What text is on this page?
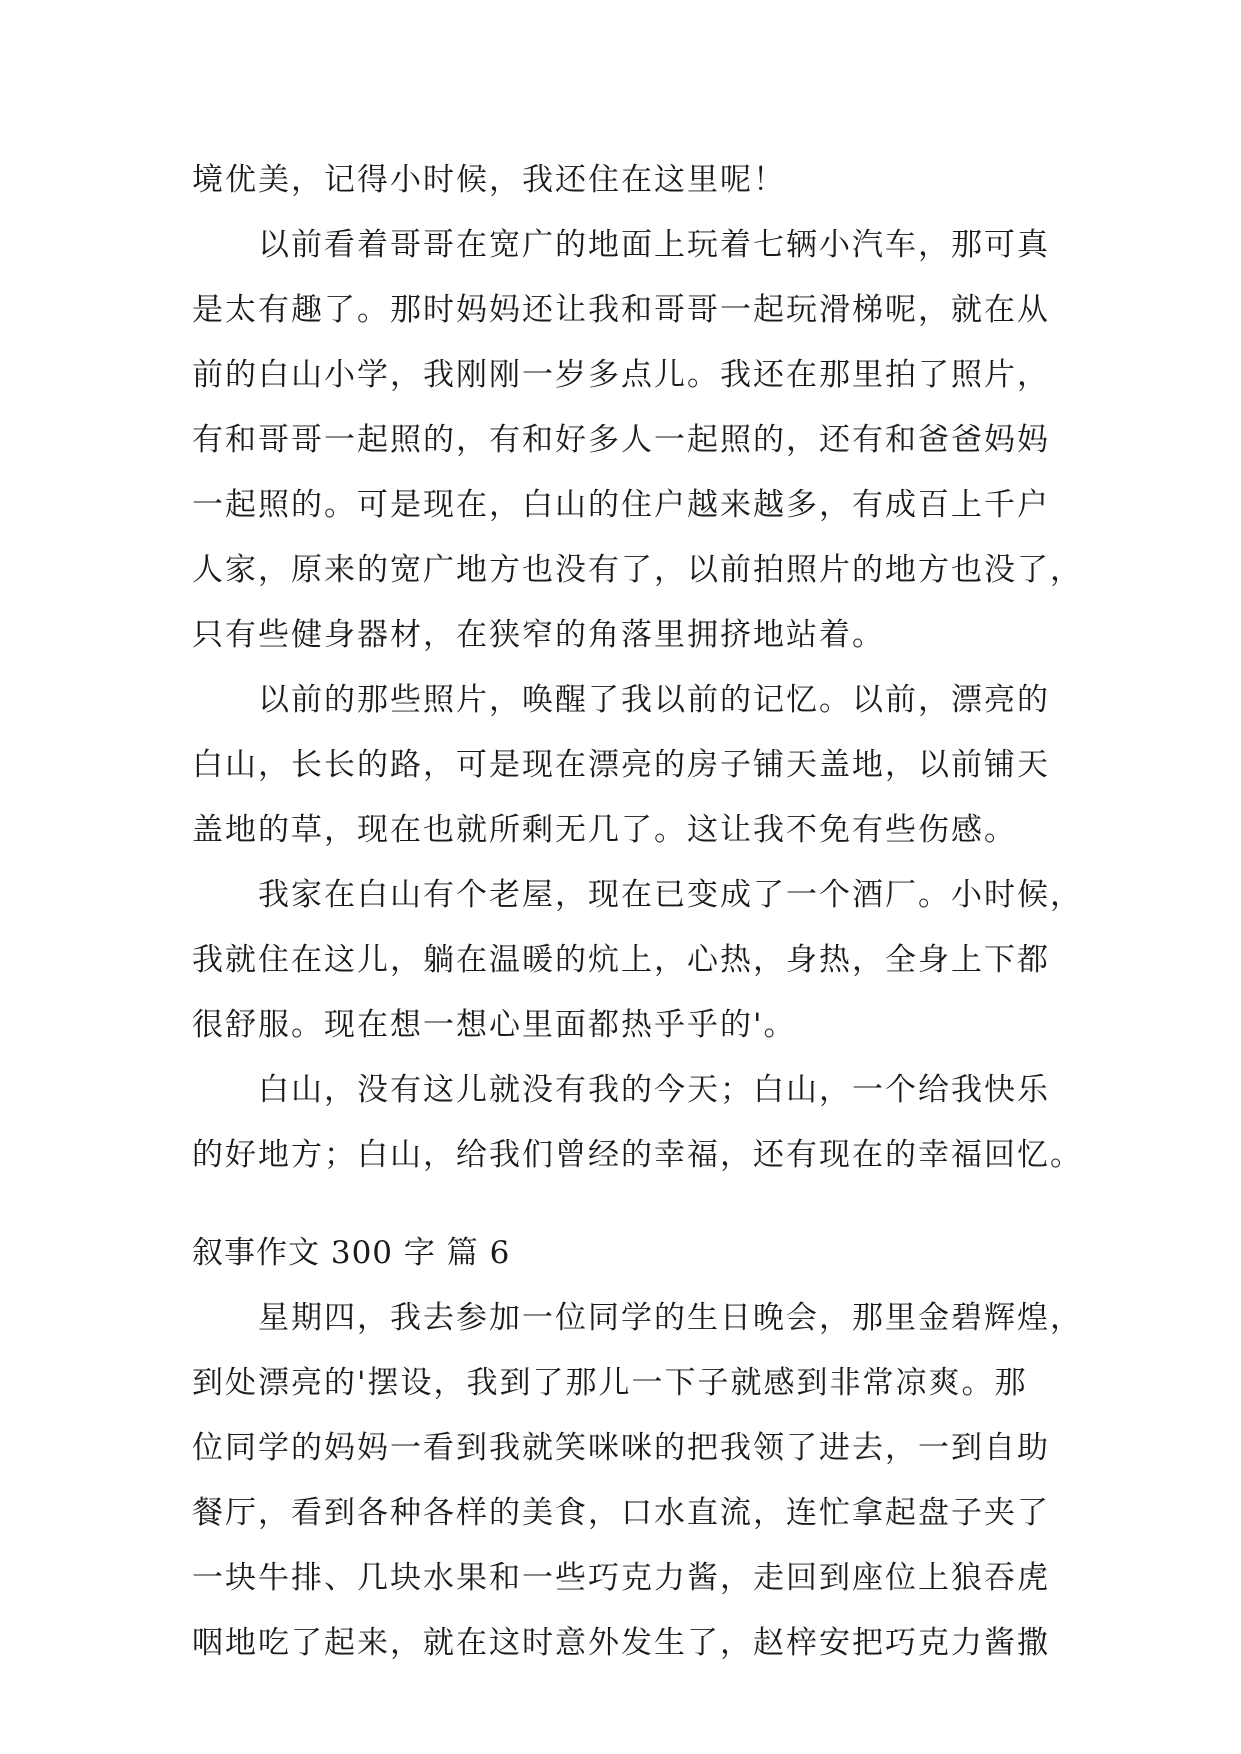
境优美，记得小时候，我还住在这里呢！
以前看着哥哥在宽广的地面上玩着七辆小汽车，那可真
是太有趣了。那时妈妈还让我和哥哥一起玩滑梯呢，就在从
前的白山小学，我刚刚一岁多点儿。我还在那里拍了照片，
有和哥哥一起照的，有和好多人一起照的，还有和爸爸妈妈
一起照的。可是现在，白山的住户越来越多，有成百上千户
人家，原来的宽广地方也没有了，以前拍照片的地方也没了，
只有些健身器材，在狭窄的角落里拥挤地站着。
以前的那些照片，唤醒了我以前的记忆。以前，漂亮的
白山，长长的路，可是现在漂亮的房子铺天盖地，以前铺天
盖地的草，现在也就所剩无几了。这让我不免有些伤感。
我家在白山有个老屋，现在已变成了一个酒厂。小时候，
我就住在这儿，躺在温暖的炕上，心热，身热，全身上下都
很舒服。现在想一想心里面都热乎乎的'。
白山，没有这儿就没有我的今天；白山，一个给我快乐
的好地方；白山，给我们曾经的幸福，还有现在的幸福回忆。
叙事作文 300 字 篇 6
星期四，我去参加一位同学的生日晚会，那里金碧辉煌，
到处漂亮的'摆设，我到了那儿一下子就感到非常凉爽。那
位同学的妈妈一看到我就笑咪咪的把我领了进去，一到自助
餐厅，看到各种各样的美食，口水直流，连忙拿起盘子夹了
一块牛排、几块水果和一些巧克力酱，走回到座位上狼吞虎
咽地吃了起来，就在这时意外发生了，赵梓安把巧克力酱撒
